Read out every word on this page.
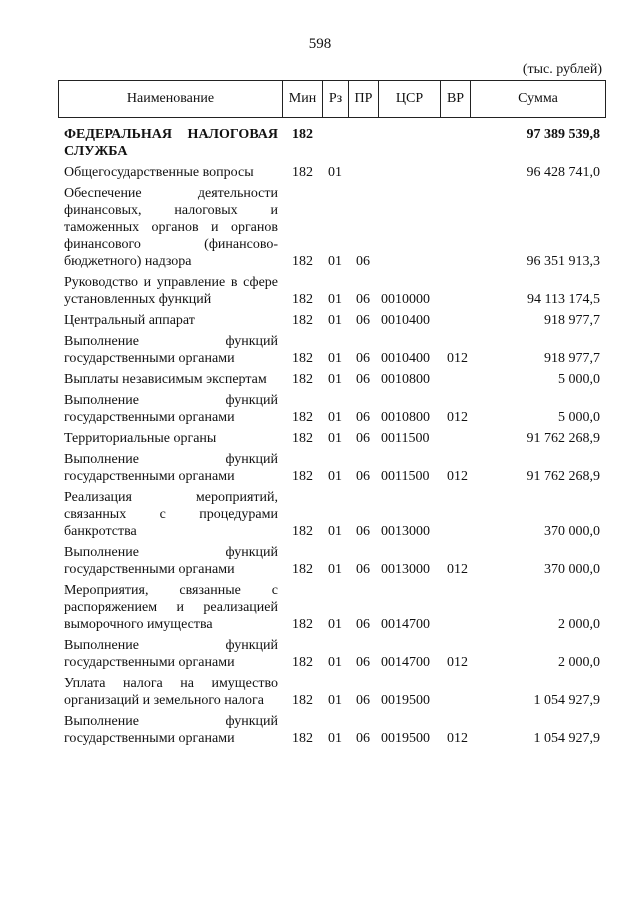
598
(тыс. рублей)
Наименование	Мин Рз ПР	ЦСР	ВР	Сумма
ФЕДЕРАЛЬНАЯ НАЛОГОВАЯ СЛУЖБА
182	97 389 539,8
Общегосударственные вопросы	182 01	96 428 741,0
Обеспечение деятельности финансовых, налоговых и таможенных органов и органов финансового (финансово-бюджетного) надзора	182 01 06	96 351 913,3
Руководство и управление в сфере установленных функций	182 01 06 0010000	94 113 174,5
Центральный аппарат	182 01 06 0010400	918 977,7
Выполнение функций государственными органами	182 01 06 0010400 012	918 977,7
Выплаты независимым экспертам	182 01 06 0010800	5 000,0
Выполнение функций государственными органами	182 01 06 0010800 012	5 000,0
Территориальные органы	182 01 06 0011500	91 762 268,9
Выполнение функций государственными органами	182 01 06 0011500 012	91 762 268,9
Реализация мероприятий, связанных с процедурами банкротства	182 01 06 0013000	370 000,0
Выполнение функций государственными органами	182 01 06 0013000 012	370 000,0
Мероприятия, связанные с распоряжением и реализацией выморочного имущества	182 01 06 0014700	2 000,0
Выполнение функций государственными органами	182 01 06 0014700 012	2 000,0
Уплата налога на имущество организаций и земельного налога	182 01 06 0019500	1 054 927,9
Выполнение функций государственными органами	182 01 06 0019500 012	1 054 927,9
